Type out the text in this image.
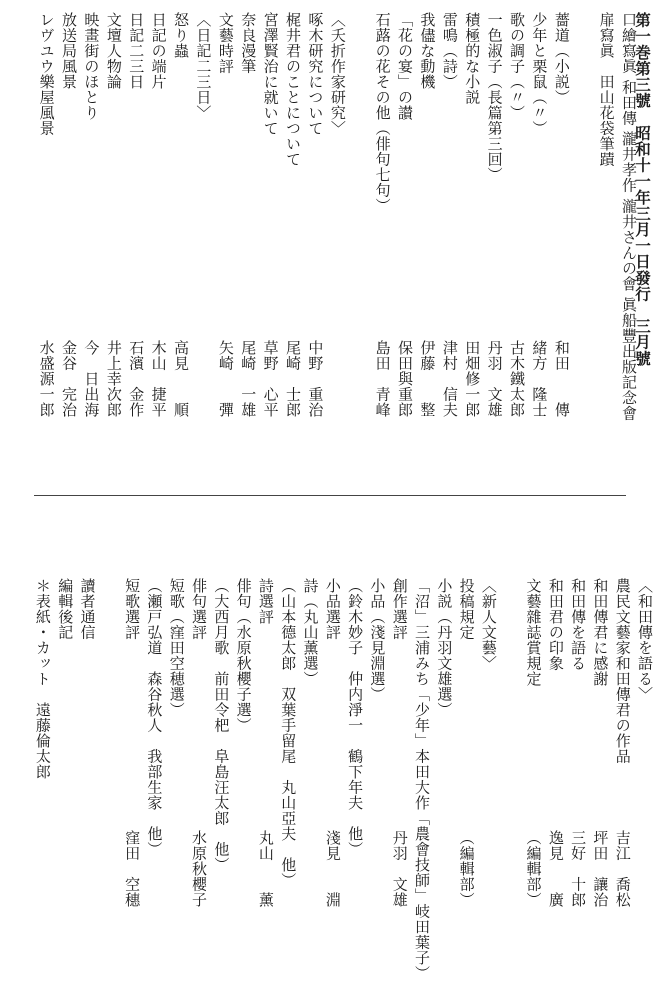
第一巻第三號　昭和十一年三月一日發行　三月號
口繪寫眞 和田傳 瀧井孝作 瀧井さんの會 眞船豐出版記念會
扉寫眞　田山花袋筆蹟
薔道（小説）
和田　　傳
少年と栗鼠（〃）
緒方　隆士
歌の調子（〃）
古木鐵太郎
一色淑子（長篇第三回）
丹羽　文雄
積極的な小説
田畑修一郎
雷鳴（詩）
津村　信夫
我儘な動機
伊藤　　整
「花の宴」の讃
保田與重郎
石蕗の花その他（俳句七句）
島田　青峰
〈夭折作家研究〉
啄木研究について
中野　重治
梶井君のことについて
尾崎　士郎
宮澤賢治に就いて
草野　心平
奈良漫筆
尾崎　一雄
文藝時評
矢崎　　彈
〈日記二三日〉
怒り蟲
高見　　順
日記の端片
木山　捷平
日記二三日
石濱　金作
文壇人物論
井上幸次郎
映畫街のほとり
今　日出海
放送局風景
金谷　完治
レヴユウ樂屋風景
水盛源一郎
〈和田傳を語る〉
農民文藝家和田傳君の作品
吉江　喬松
和田傳君に感謝
坪田　讓治
和田傳を語る
三好　十郎
和田君の印象
逸見　　廣
文藝雜誌賞規定
（編輯部）
〈新人文藝〉
投稿規定
（編輯部）
小説（丹羽文雄選）
「沼」三浦みち「少年」本田大作「農會技師」岐田葉子）
創作選評
丹羽　文雄
小品（淺見淵選）
（鈴木妙子　仲内淨一　鶴下年夫　他）
小品選評
淺見　　淵
詩（丸山薰選）
（山本德太郎　双葉手留尾　丸山亞夫　他）
詩選評
丸山　　薰
俳句（水原秋櫻子選）
（大西月歌　前田令杷　阜島汪太郎　他）
俳句選評
水原秋櫻子
短歌（窪田空穂選）
（瀬戸弘道　森谷秋人　我部生家　他）
短歌選評
窪田　空穗
讀者通信
編輯後記
＊表紙・カット　遠藤倫太郎
